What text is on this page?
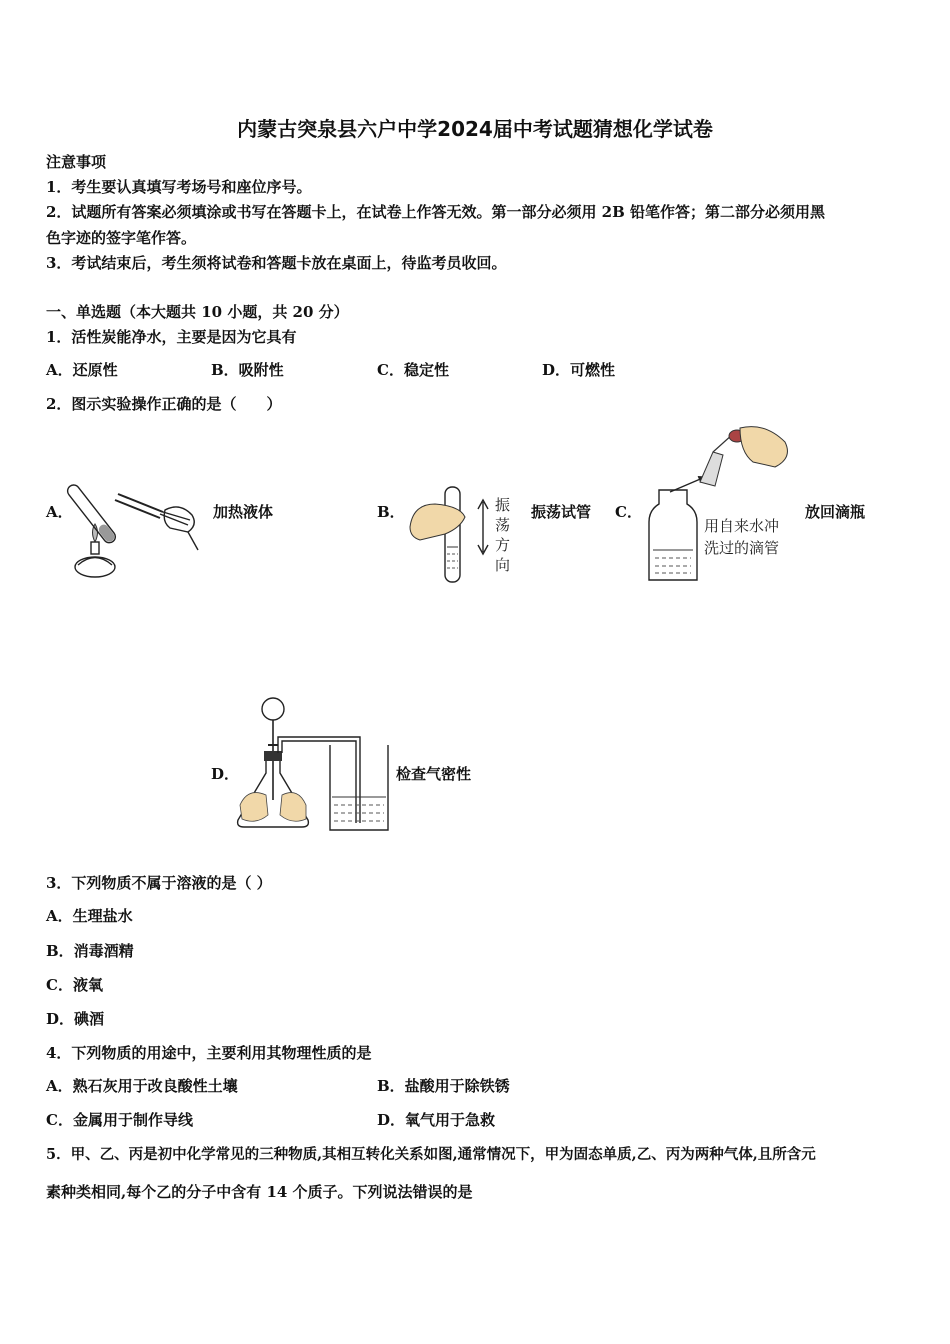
内蒙古突泉县六户中学2024届中考试题猜想化学试卷
注意事项
1．考生要认真填写考场号和座位序号。
2．试题所有答案必须填涂或书写在答题卡上，在试卷上作答无效。第一部分必须用 2B 铅笔作答；第二部分必须用黑
色字迹的签字笔作答。
3．考试结束后，考生须将试卷和答题卡放在桌面上，待监考员收回。
一、单选题（本大题共 10 小题，共 20 分）
1．活性炭能净水，主要是因为它具有
A．还原性	B．吸附性	C．稳定性	D．可燃性
2．图示实验操作正确的是（　　）
A．	加热液体	B．	振
荡
方
向
振荡试管 C．
用自来水冲
洗过的滴管
放回滴瓶
D．	检查气密性
3．下列物质不属于溶液的是（ ）
A．生理盐水
B．消毒酒精
C．液氧
D．碘酒
4．下列物质的用途中，主要利用其物理性质的是
A．熟石灰用于改良酸性土壤	B．盐酸用于除铁锈
C．金属用于制作导线	D．氧气用于急救
5．甲、乙、丙是初中化学常见的三种物质,其相互转化关系如图,通常情况下，甲为固态单质,乙、丙为两种气体,且所含元
素种类相同,每个乙的分子中含有 14 个质子。下列说法错误的是
